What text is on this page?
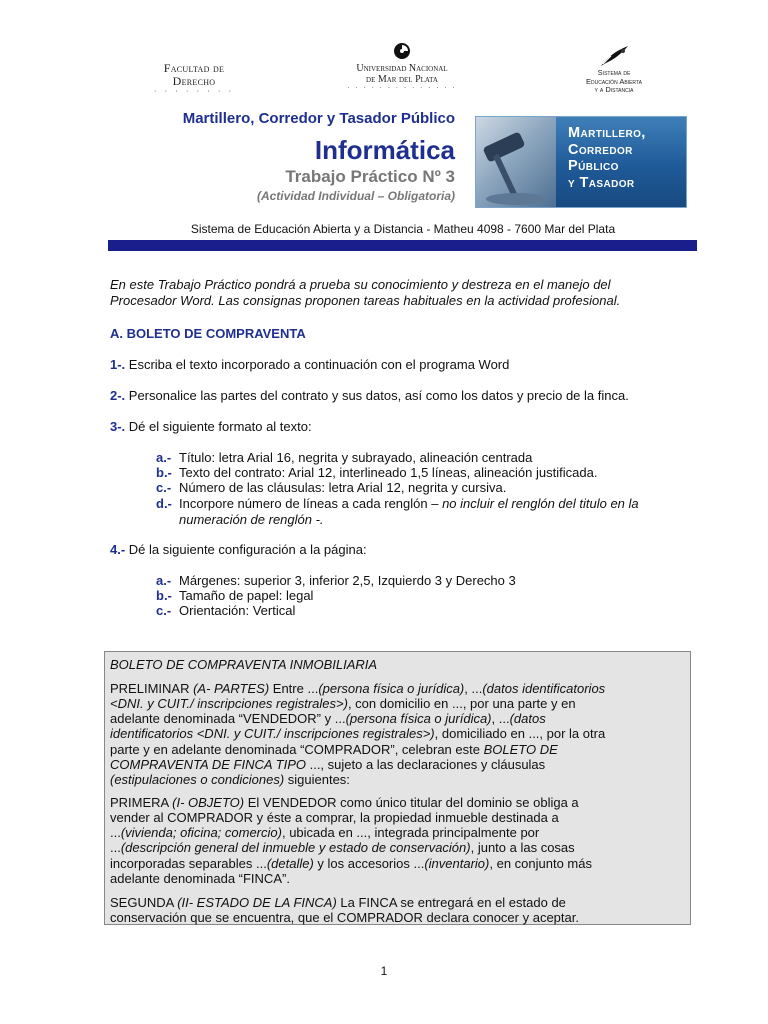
Facultad de
Derecho
· · · · · · · ·
Universidad Nacional
de Mar del Plata
· · · · · · · · · · · · · ·
Sistema de
Educación Abierta
y a Distancia
Martillero, Corredor y Tasador Público
Informática
Trabajo Práctico Nº 3
(Actividad Individual – Obligatoria)
Martillero,
Corredor
Público
y Tasador
Sistema de Educación Abierta y a Distancia - Matheu 4098 - 7600 Mar del Plata
En este Trabajo Práctico pondrá a prueba su conocimiento y destreza en el manejo del
Procesador Word. Las consignas proponen tareas habituales en la actividad profesional.
A. BOLETO DE COMPRAVENTA
1-. Escriba el texto incorporado a continuación con el programa Word
2-. Personalice las partes del contrato y sus datos, así como los datos y precio de la finca.
3-. Dé el siguiente formato al texto:
a.- Título: letra Arial 16, negrita y subrayado, alineación centrada
b.- Texto del contrato: Arial 12, interlineado 1,5 líneas, alineación justificada.
c.- Número de las cláusulas: letra Arial 12, negrita y cursiva.
d.- Incorpore número de líneas a cada renglón – no incluir el renglón del titulo en la
numeración de renglón -.
4.- Dé la siguiente configuración a la página:
a.- Márgenes: superior 3, inferior 2,5, Izquierdo 3 y Derecho 3
b.- Tamaño de papel: legal
c.- Orientación: Vertical
BOLETO DE COMPRAVENTA INMOBILIARIA
PRELIMINAR (A- PARTES) Entre ...(persona física o jurídica), ...(datos identificatorios
<DNI. y CUIT./ inscripciones registrales>), con domicilio en ..., por una parte y en
adelante denominada “VENDEDOR” y ...(persona física o jurídica), ...(datos
identificatorios <DNI. y CUIT./ inscripciones registrales>), domiciliado en ..., por la otra
parte y en adelante denominada “COMPRADOR”, celebran este BOLETO DE
COMPRAVENTA DE FINCA TIPO ..., sujeto a las declaraciones y cláusulas
(estipulaciones o condiciones) siguientes:
PRIMERA (I- OBJETO) El VENDEDOR como único titular del dominio se obliga a
vender al COMPRADOR y éste a comprar, la propiedad inmueble destinada a
...(vivienda; oficina; comercio), ubicada en ..., integrada principalmente por
...(descripción general del inmueble y estado de conservación), junto a las cosas
incorporadas separables ...(detalle) y los accesorios ...(inventario), en conjunto más
adelante denominada “FINCA”.
SEGUNDA (II- ESTADO DE LA FINCA) La FINCA se entregará en el estado de
conservación que se encuentra, que el COMPRADOR declara conocer y aceptar.
1
